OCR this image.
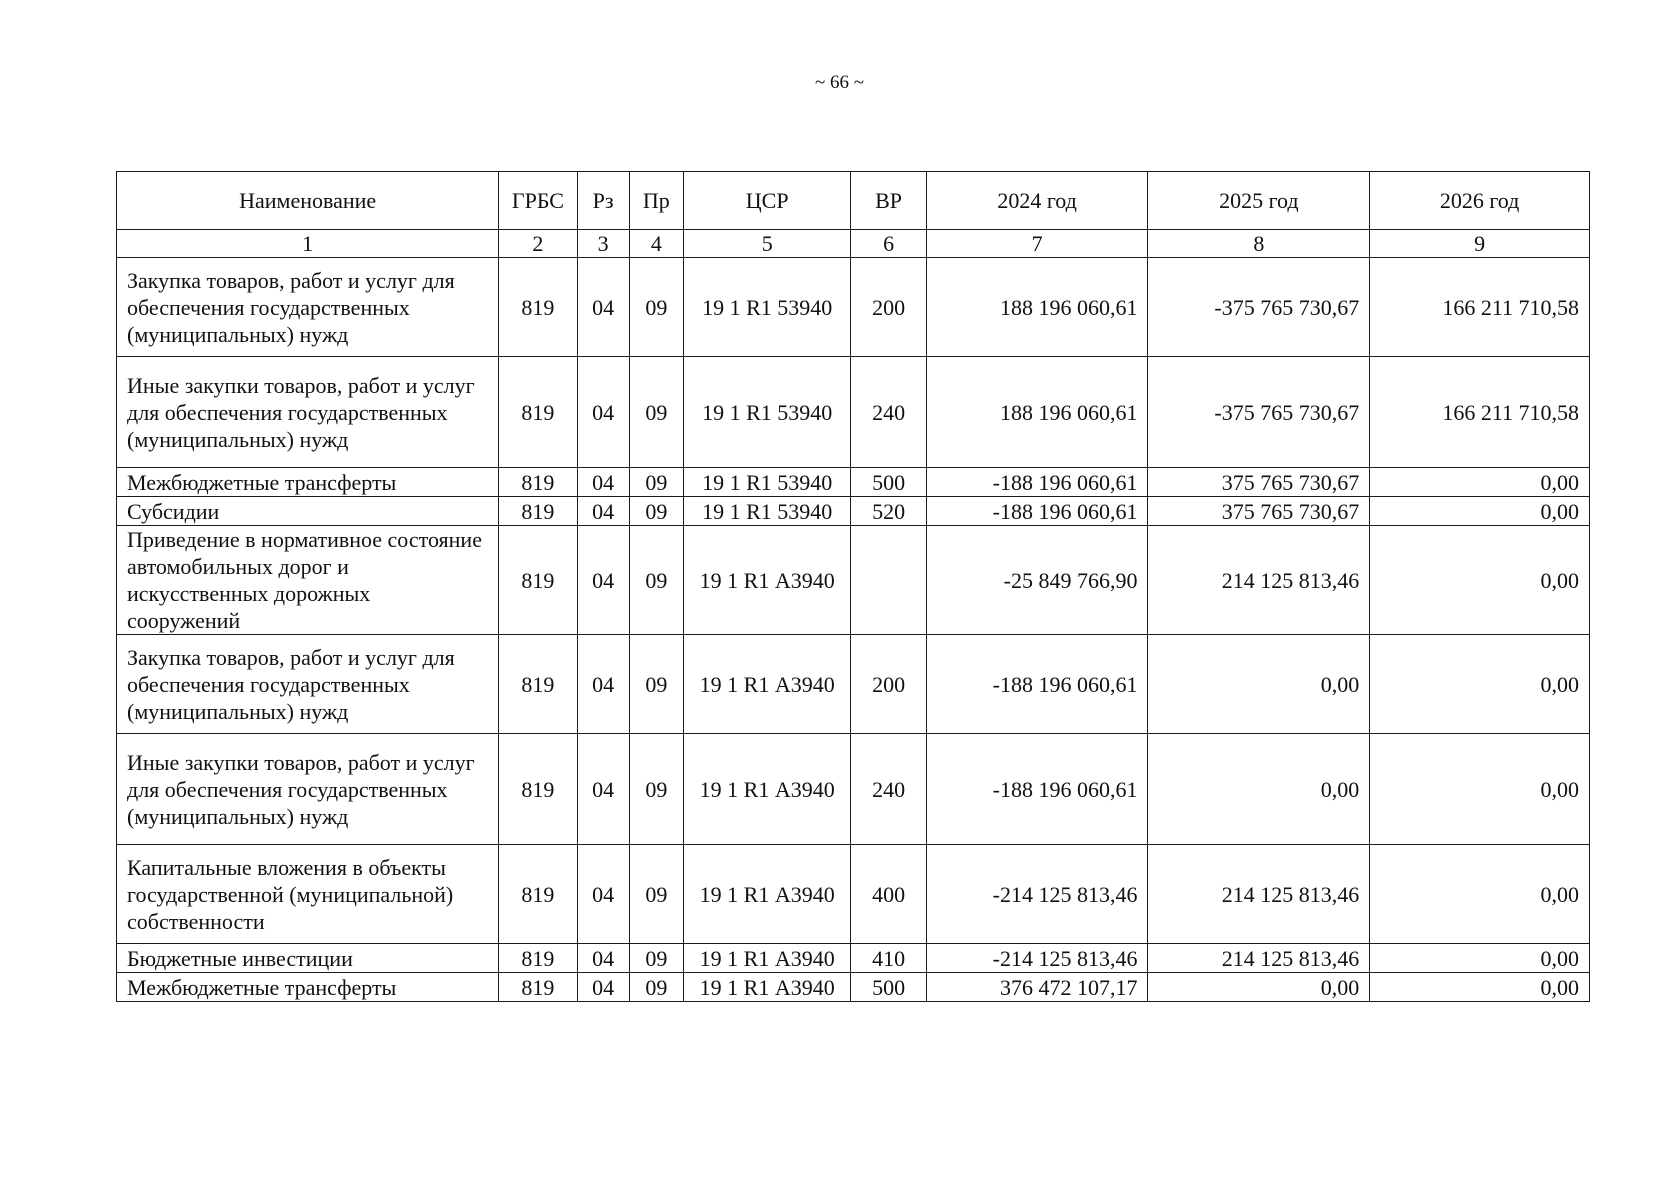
~ 66 ~
Наименование	ГРБС	Рз	Пр	ЦСР	ВР	2024 год	2025 год	2026 год
1	2	3	4	5	6	7	8	9
Закупка товаров, работ и услуг для обеспечения государственных (муниципальных) нужд	819	04	09	19 1 R1 53940	200	188 196 060,61	-375 765 730,67	166 211 710,58
Иные закупки товаров, работ и услуг для обеспечения государственных (муниципальных) нужд	819	04	09	19 1 R1 53940	240	188 196 060,61	-375 765 730,67	166 211 710,58
Межбюджетные трансферты	819	04	09	19 1 R1 53940	500	-188 196 060,61	375 765 730,67	0,00
Субсидии	819	04	09	19 1 R1 53940	520	-188 196 060,61	375 765 730,67	0,00
Приведение в нормативное состояние автомобильных дорог и искусственных дорожных сооружений	819	04	09	19 1 R1 А3940		-25 849 766,90	214 125 813,46	0,00
Закупка товаров, работ и услуг для обеспечения государственных (муниципальных) нужд	819	04	09	19 1 R1 А3940	200	-188 196 060,61	0,00	0,00
Иные закупки товаров, работ и услуг для обеспечения государственных (муниципальных) нужд	819	04	09	19 1 R1 А3940	240	-188 196 060,61	0,00	0,00
Капитальные вложения в объекты государственной (муниципальной) собственности	819	04	09	19 1 R1 А3940	400	-214 125 813,46	214 125 813,46	0,00
Бюджетные инвестиции	819	04	09	19 1 R1 А3940	410	-214 125 813,46	214 125 813,46	0,00
Межбюджетные трансферты	819	04	09	19 1 R1 А3940	500	376 472 107,17	0,00	0,00
